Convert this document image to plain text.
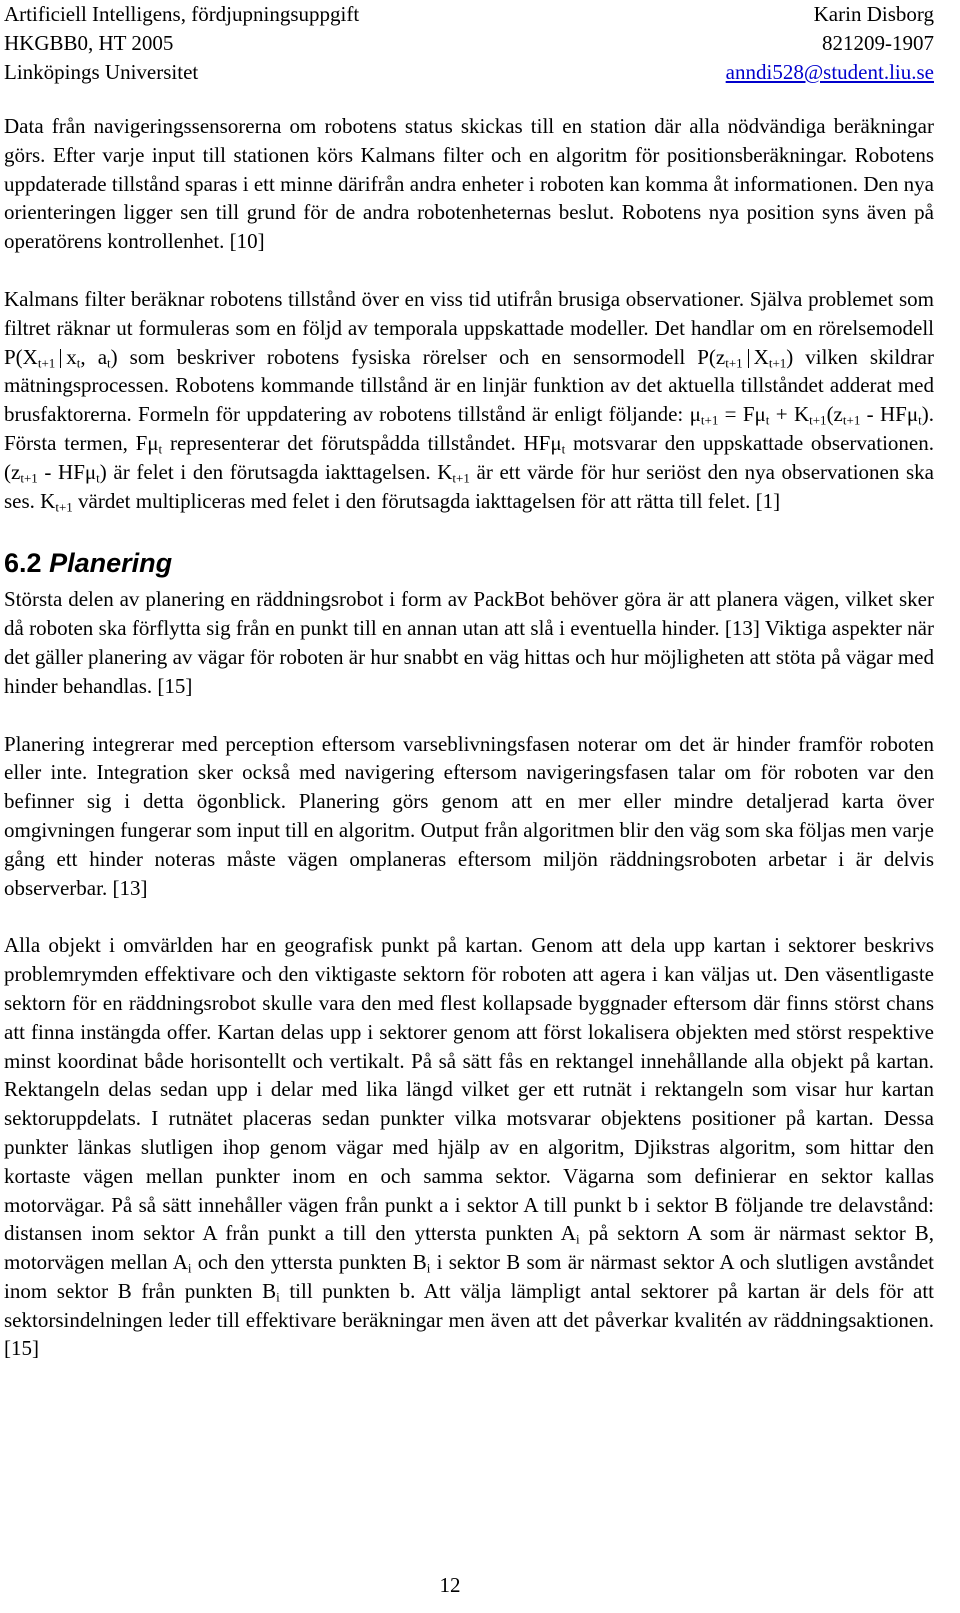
Artificiell Intelligens, fördjupningsuppgift	Karin Disborg
HKGBB0, HT 2005	821209-1907
Linköpings Universitet	anndi528@student.liu.se

Data från navigeringssensorerna om robotens status skickas till en station där alla nödvändiga beräkningar görs. Efter varje input till stationen körs Kalmans filter och en algoritm för positionsberäkningar. Robotens uppdaterade tillstånd sparas i ett minne därifrån andra enheter i roboten kan komma åt informationen. Den nya orienteringen ligger sen till grund för de andra robotenheternas beslut. Robotens nya position syns även på operatörens kontrollenhet. [10]

Kalmans filter beräknar robotens tillstånd över en viss tid utifrån brusiga observationer. Själva problemet som filtret räknar ut formuleras som en följd av temporala uppskattade modeller. Det handlar om en rörelsemodell $P(X_{t+1}$ $x_t$, $a_t$) som beskriver robotens fysiska rörelser och en sensormodell $P(z_{t+1}$ $X_{t+1}$) vilken skildrar mätningsprocessen. Robotens kommande tillstånd är en linjär funktion av det aktuella tillståndet adderat med brusfaktorerna. Formeln för uppdatering av robotens tillstånd är enligt följande: $\mu_{t+1} = F\mu_t + K_{t+1}(z_{t+1} - HF\mu_t)$. Första termen, $F\mu_t$ representerar det förutspådda tillståndet. HFμ$_t$ motsvarar den uppskattade observationen. $(z_{t+1} - HF\mu_t)$ är felet i den förutsagda iakttagelsen. $K_{t+1}$ är ett värde för hur seriöst den nya observationen ska ses. $K_{t+1}$ värdet multipliceras med felet i den förutsagda iakttagelsen för att rätta till felet. [1]

6.2 Planering

Största delen av planering en räddningsrobot i form av PackBot behöver göra är att planera vägen, vilket sker då roboten ska förflytta sig från en punkt till en annan utan att slå i eventuella hinder. [13] Viktiga aspekter när det gäller planering av vägar för roboten är hur snabbt en väg hittas och hur möjligheten att stöta på vägar med hinder behandlas. [15]

Planering integrerar med perception eftersom varseblivningsfasen noterar om det är hinder framför roboten eller inte. Integration sker också med navigering eftersom navigeringsfasen talar om för roboten var den befinner sig i detta ögonblick. Planering görs genom att en mer eller mindre detaljerad karta över omgivningen fungerar som input till en algoritm. Output från algoritmen blir den väg som ska följas men varje gång ett hinder noteras måste vägen omplaneras eftersom miljön räddningsroboten arbetar i är delvis observerbar. [13]

Alla objekt i omvärlden har en geografisk punkt på kartan. Genom att dela upp kartan i sektorer beskrivs problemrymden effektivare och den viktigaste sektorn för roboten att agera i kan väljas ut. Den väsentligaste sektorn för en räddningsrobot skulle vara den med flest kollapsade byggnader eftersom där finns störst chans att finna instängda offer. Kartan delas upp i sektorer genom att först lokalisera objekten med störst respektive minst koordinat både horisontellt och vertikalt. På så sätt fås en rektangel innehållande alla objekt på kartan. Rektangeln delas sedan upp i delar med lika längd vilket ger ett rutnät i rektangeln som visar hur kartan sektoruppdelats. I rutnätet placeras sedan punkter vilka motsvarar objektens positioner på kartan. Dessa punkter länkas slutligen ihop genom vägar med hjälp av en algoritm, Djikstras algoritm, som hittar den kortaste vägen mellan punkter inom en och samma sektor. Vägarna som definierar en sektor kallas motorvägar. På så sätt innehåller vägen från punkt a i sektor A till punkt b i sektor B följande tre delavstånd: distansen inom sektor A från punkt a till den yttersta punkten $A_i$ på sektorn A som är närmast sektor B, motorvägen mellan $A_i$ och den yttersta punkten $B_i$ i sektor B som är närmast sektor A och slutligen avståndet inom sektor B från punkten $B_i$ till punkten b. Att välja lämpligt antal sektorer på kartan är dels för att sektorsindelningen leder till effektivare beräkningar men även att det påverkar kvalitén av räddningsaktionen. [15]

12
